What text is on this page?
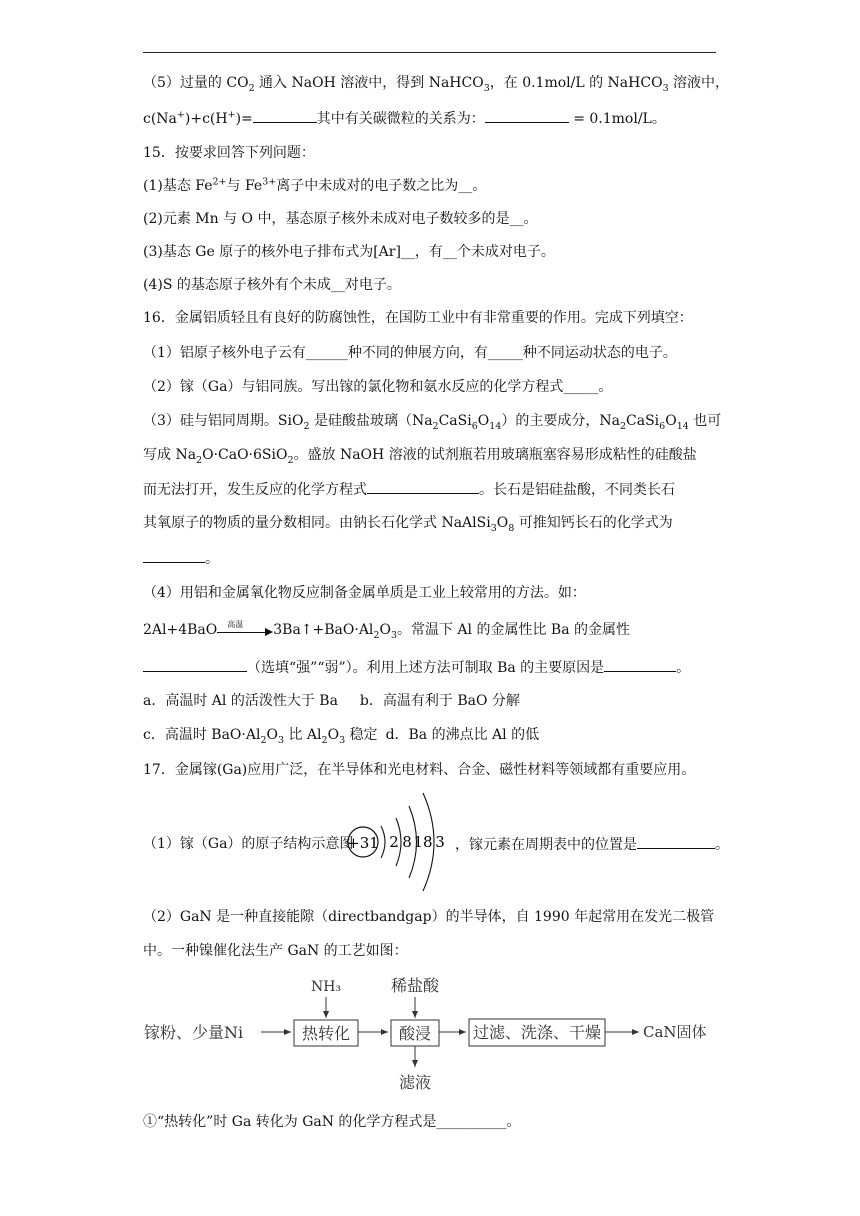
（5）过量的 $CO_2$ 通入 NaOH 溶液中，得到 NaHCO$_3$，在 0.1mol/L 的 NaHCO$_3$ 溶液中，
c(Na+)+c(H+)=	其中有关碳微粒的关系为：	= 0.1mol/L。
15．按要求回答下列问题：
(1)基态 $Fe^{2+}$与 $Fe^{3+}$离子中未成对的电子数之比为__。
(2)元素 Mn 与 O 中，基态原子核外未成对电子数较多的是__。
(3)基态 Ge 原子的核外电子排布式为[Ar]__，有__个未成对电子。
(4)S 的基态原子核外有个未成__对电子。
16．金属铝质轻且有良好的防腐蚀性，在国防工业中有非常重要的作用。完成下列填空：
（1）铝原子核外电子云有______种不同的伸展方向，有_____种不同运动状态的电子。
（2）镓（Ga）与铝同族。写出镓的氯化物和氨水反应的化学方程式_____。
（3）硅与铝同周期。SiO$_2$ 是硅酸盐玻璃$(Na_2CaSi_6O_{14})$的主要成分，$Na_2CaSi_6O_{14}$ 也可
写成 $Na_2O\cdot CaO\cdot 6SiO_2$。盛放 NaOH 溶液的试剂瓶若用玻璃瓶塞容易形成粘性的硅酸盐
而无法打开，发生反应的化学方程式	。长石是铝硅盐酸，不同类长石
其氧原子的物质的量分数相同。由钠长石化学式 $NaAlSi_3O_8$ 可推知钙长石的化学式为
。
（4）用铝和金属氧化物反应制备金属单质是工业上较常用的方法。如：
2Al+4BaO 高温 $3Ba↑+BaO\cdot Al_2O_3$。常温下 Al 的金属性比 Ba 的金属性
（选填“强”“弱”）。利用上述方法可制取 Ba 的主要原因是	。
a．高温时 Al 的活泼性大于 Ba b．高温有利于 BaO 分解
c．高温时 $BaO\cdot Al_2O_3$ 比 $Al_2O_3$ 稳定 d．Ba 的沸点比 Al 的低
17．金属镓(Ga)应用广泛，在半导体和光电材料、合金、磁性材料等领域都有重要应用。
（1）镓（Ga）的原子结构示意图
+31 2 8 18 3 ，镓元素在周期表中的位置是	。
（2）GaN 是一种直接能隙（directbandgap）的半导体，自 1990 年起常用在发光二极管
中。一种镍催化法生产 GaN 的工艺如图：
镓粉、少量Ni	热转化
NH₃
酸浸
稀盐酸
滤液
过滤、洗涤、干燥	CaN固体
①“热转化”时 Ga 转化为 GaN 的化学方程式是__________。
